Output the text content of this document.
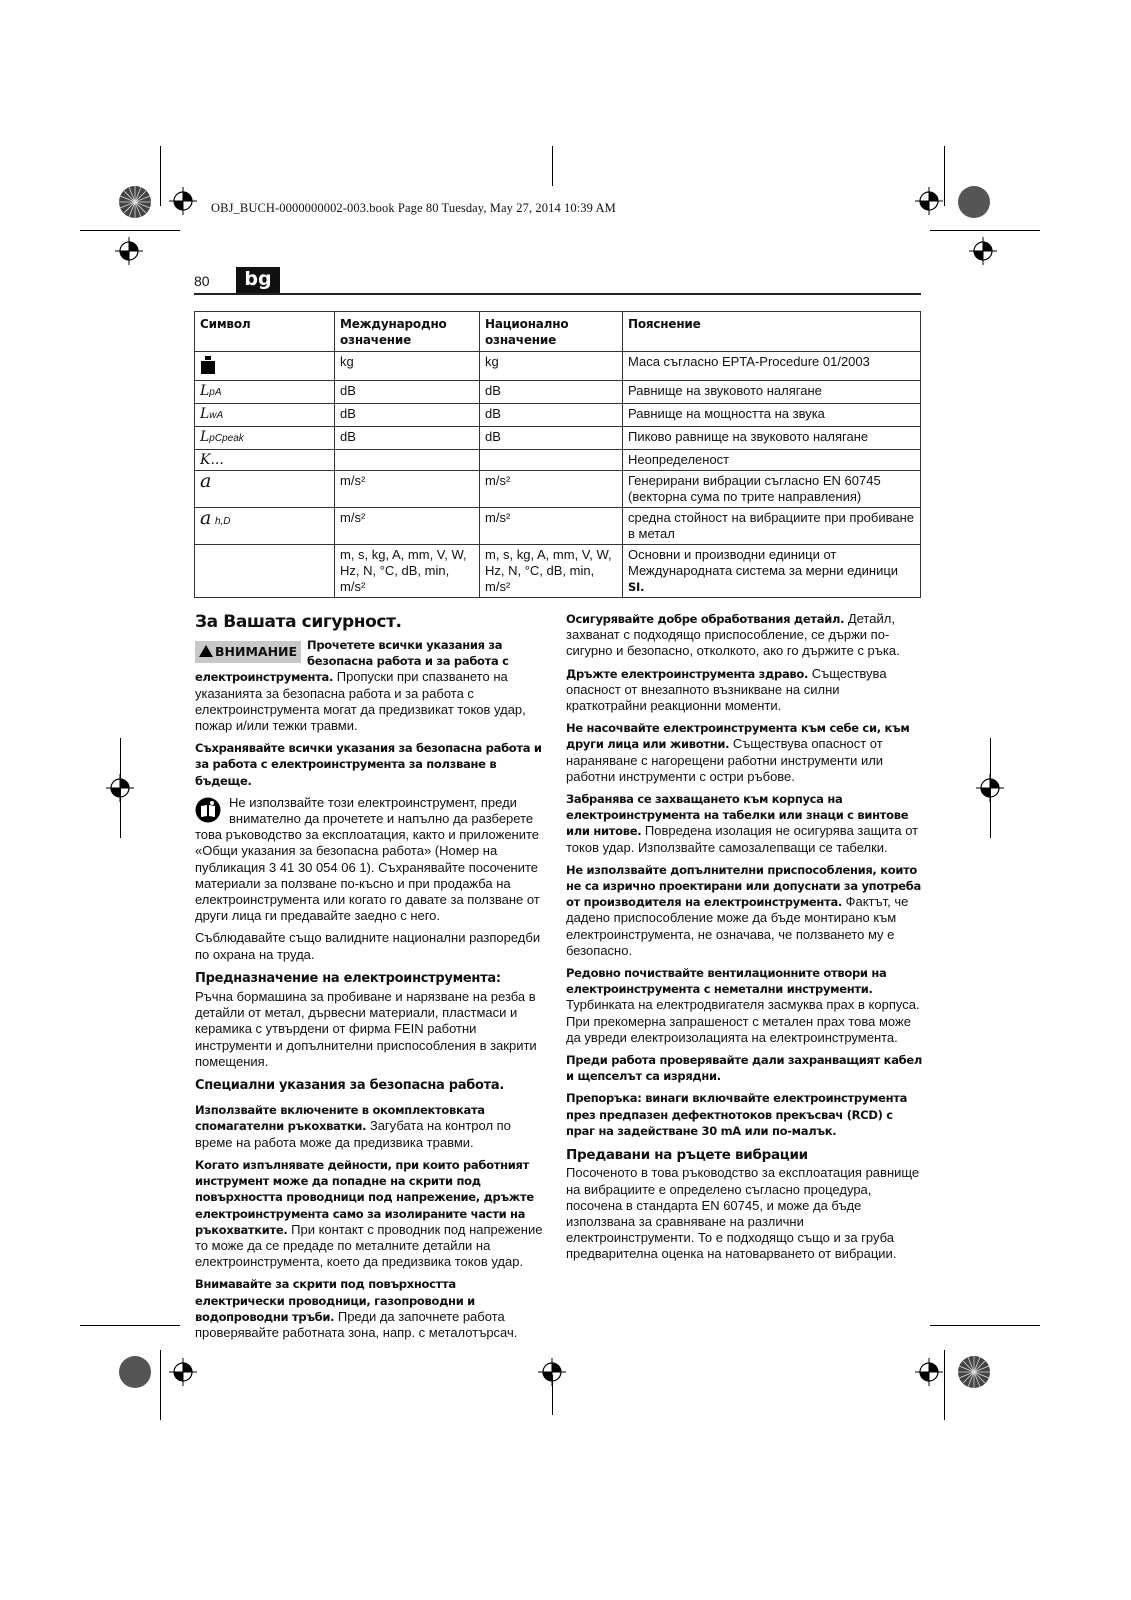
OBJ_BUCH-0000000002-003.book Page 80 Tuesday, May 27, 2014 10:39 AM
80	bg
Символ	Международно означение	Национално означение	Пояснение
	kg	kg	Маса съгласно EPTA-Procedure 01/2003
LpA	dB	dB	Равнище на звуковото налягане
LwA	dB	dB	Равнище на мощността на звука
LpCpeak	dB	dB	Пиково равнище на звуковото налягане
K...			Неопределеност
a	m/s²	m/s²	Генерирани вибрации съгласно EN 60745 (векторна сума по трите направления)
a h,D	m/s²	m/s²	средна стойност на вибрациите при пробиване в метал
	m, s, kg, A, mm, V, W, Hz, N, °C, dB, min, m/s²	m, s, kg, A, mm, V, W, Hz, N, °C, dB, min, m/s²	Основни и производни единици от Международната система за мерни единици SI.
За Вашата сигурност.

ВНИМАНИЕ Прочетете всички указания за безопасна работа и за работа с електроинструмента. Пропуски при спазването на указанията за безопасна работа и за работа с електроинструмента могат да предизвикат токов удар, пожар и/или тежки травми.

Съхранявайте всички указания за безопасна работа и за работа с електроинструмента за ползване в бъдеще.

Не използвайте този електроинструмент, преди внимателно да прочетете и напълно да разберете това ръководство за експлоатация, както и приложените «Общи указания за безопасна работа» (Номер на публикация 3 41 30 054 06 1). Съхранявайте посочените материали за ползване по-късно и при продажба на електроинструмента или когато го давате за ползване от други лица ги предавайте заедно с него.

Съблюдавайте също валидните национални разпоредби по охрана на труда.

Предназначение на електроинструмента:

Ръчна бормашина за пробиване и нарязване на резба в детайли от метал, дървесни материали, пластмаси и керамика с утвърдени от фирма FEIN работни инструменти и допълнителни приспособления в закрити помещения.

Специални указания за безопасна работа.

Използвайте включените в окомплектовката спомагателни ръкохватки. Загубата на контрол по време на работа може да предизвика травми.

Когато изпълнявате дейности, при които работният инструмент може да попадне на скрити под повърхността проводници под напрежение, дръжте електроинструмента само за изолираните части на ръкохватките. При контакт с проводник под напрежение то може да се предаде по металните детайли на електроинструмента, което да предизвика токов удар.

Внимавайте за скрити под повърхността електрически проводници, газопроводни и водопроводни тръби. Преди да започнете работа проверявайте работната зона, напр. с металотърсач.

Осигурявайте добре обработвания детайл. Детайл, захванат с подходящо приспособление, се държи по-сигурно и безопасно, отколкото, ако го държите с ръка.

Дръжте електроинструмента здраво. Съществува опасност от внезапното възникване на силни краткотрайни реакционни моменти.

Не насочвайте електроинструмента към себе си, към други лица или животни. Съществува опасност от нараняване с нагорещени работни инструменти или работни инструменти с остри ръбове.

Забранява се захващането към корпуса на електроинструмента на табелки или знаци с винтове или нитове. Повредена изолация не осигурява защита от токов удар. Използвайте самозалепващи се табелки.

Не използвайте допълнителни приспособления, които не са изрично проектирани или допуснати за употреба от производителя на електроинструмента. Фактът, че дадено приспособление може да бъде монтирано към електроинструмента, не означава, че ползването му е безопасно.

Редовно почиствайте вентилационните отвори на електроинструмента с неметални инструменти. Турбинката на електродвигателя засмуква прах в корпуса. При прекомерна запрашеност с метален прах това може да увреди електроизолацията на електроинструмента.

Преди работа проверявайте дали захранващият кабел и щепселът са изрядни.

Препоръка: винаги включвайте електроинструмента през предпазен дефектнотоков прекъсвач (RCD) с праг на задействане 30 mA или по-малък.

Предавани на ръцете вибрации

Посоченото в това ръководство за експлоатация равнище на вибрациите е определено съгласно процедура, посочена в стандарта EN 60745, и може да бъде използвана за сравняване на различни електроинструменти. То е подходящо също и за груба предварителна оценка на натоварването от вибрации.
